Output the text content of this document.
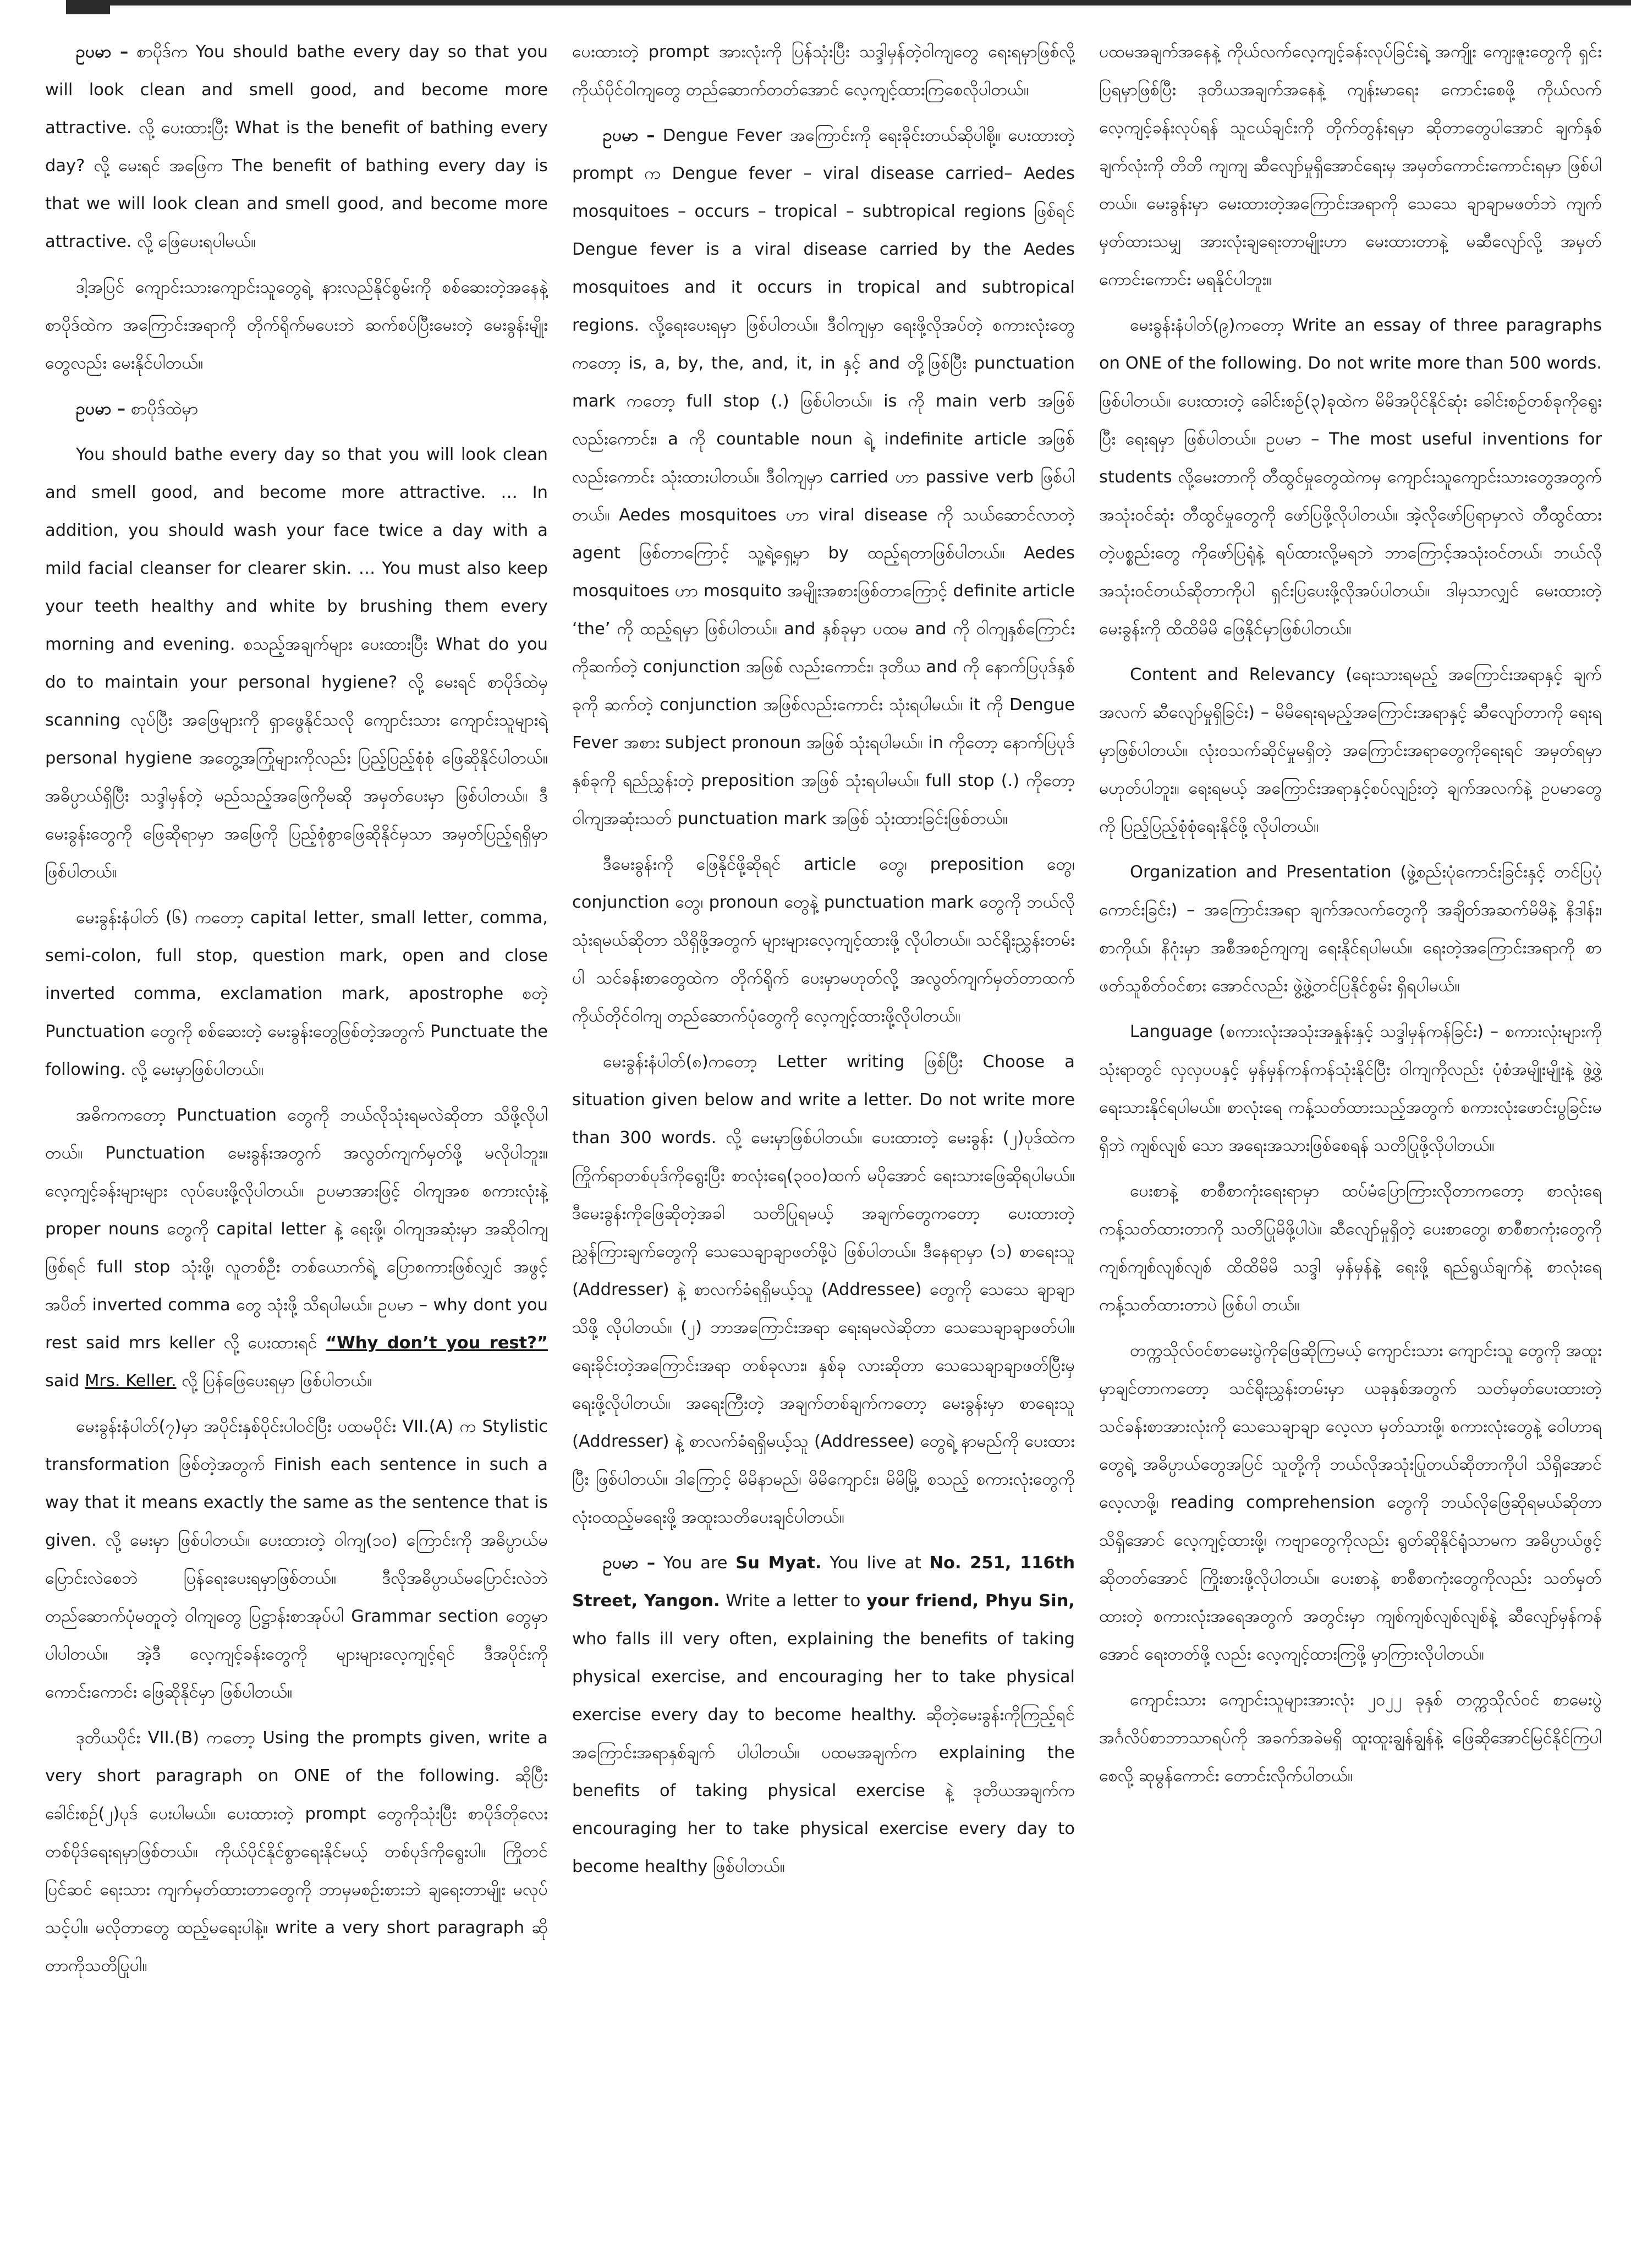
ဥပမာ – စာပိုဒ်က You should bathe every day so that you will look clean and smell good, and become more attractive. လို့ ပေးထားပြီး What is the benefit of bathing every day? လို့ မေးရင် အဖြေက The benefit of bathing every day is that we will look clean and smell good, and become more attractive. လို့ ဖြေပေးရပါမယ်။

ဒါ့အပြင် ကျောင်းသားကျောင်းသူတွေရဲ့ နားလည်နိုင်စွမ်းကို စစ်ဆေးတဲ့အနေနဲ့ စာပိုဒ်ထဲက အကြောင်းအရာကို တိုက်ရိုက်မပေးဘဲ ဆက်စပ်ပြီးမေးတဲ့ မေးခွန်းမျိုးတွေလည်း မေးနိုင်ပါတယ်။

ဥပမာ – စာပိုဒ်ထဲမှာ

You should bathe every day so that you will look clean and smell good, and become more attractive. … In addition, you should wash your face twice a day with a mild facial cleanser for clearer skin. … You must also keep your teeth healthy and white by brushing them every morning and evening. စသည့်အချက်များ ပေးထားပြီး What do you do to maintain your personal hygiene? လို့ မေးရင် စာပိုဒ်ထဲမှ scanning လုပ်ပြီး အဖြေများကို ရှာဖွေနိုင်သလို ကျောင်းသား ကျောင်းသူများရဲ့ personal hygiene အတွေ့အကြုံများကိုလည်း ပြည့်ပြည့်စုံစုံ ဖြေဆိုနိုင်ပါတယ်။ အဓိပ္ပာယ်ရှိပြီး သဒ္ဒါမှန်တဲ့ မည်သည့်အဖြေကိုမဆို အမှတ်ပေးမှာ ဖြစ်ပါတယ်။ ဒီမေးခွန်းတွေကို ဖြေဆိုရာမှာ အဖြေကို ပြည့်စုံစွာဖြေဆိုနိုင်မှသာ အမှတ်ပြည့်ရရှိမှာ ဖြစ်ပါတယ်။

မေးခွန်းနံပါတ် (၆) ကတော့ capital letter, small letter, comma, semi-colon, full stop, question mark, open and close inverted comma, exclamation mark, apostrophe စတဲ့ Punctuation တွေကို စစ်ဆေးတဲ့ မေးခွန်းတွေဖြစ်တဲ့အတွက် Punctuate the following. လို့ မေးမှာဖြစ်ပါတယ်။

အဓိကကတော့ Punctuation တွေကို ဘယ်လိုသုံးရမလဲဆိုတာ သိဖို့လိုပါတယ်။ Punctuation မေးခွန်းအတွက် အလွတ်ကျက်မှတ်ဖို့ မလိုပါဘူး။ လေ့ကျင့်ခန်းများများ လုပ်ပေးဖို့လိုပါတယ်။ ဥပမာအားဖြင့် ဝါကျအစ စကားလုံးနဲ့ proper nouns တွေကို capital letter နဲ့ ရေးဖို့၊ ဝါကျအဆုံးမှာ အဆိုဝါကျဖြစ်ရင် full stop သုံးဖို့၊ လူတစ်ဦး တစ်ယောက်ရဲ့ ပြောစကားဖြစ်လျှင် အဖွင့် အပိတ် inverted comma တွေ သုံးဖို့ သိရပါမယ်။ ဥပမာ – why dont you rest said mrs keller လို့ ပေးထားရင် “Why don’t you rest?” said Mrs. Keller. လို့ ပြန်ဖြေပေးရမှာ ဖြစ်ပါတယ်။

မေးခွန်းနံပါတ်(၇)မှာ အပိုင်းနှစ်ပိုင်းပါဝင်ပြီး ပထမပိုင်း VII.(A) က Stylistic transformation ဖြစ်တဲ့အတွက် Finish each sentence in such a way that it means exactly the same as the sentence that is given. လို့ မေးမှာ ဖြစ်ပါတယ်။ ပေးထားတဲ့ ဝါကျ(၁၀) ကြောင်းကို အဓိပ္ပာယ်မပြောင်းလဲစေဘဲ ပြန်ရေးပေးရမှာဖြစ်တယ်။ ဒီလိုအဓိပ္ပာယ်မပြောင်းလဲဘဲ တည်ဆောက်ပုံမတူတဲ့ ဝါကျတွေ ပြဋ္ဌာန်းစာအုပ်ပါ Grammar section တွေမှာပါပါတယ်။ အဲ့ဒီ လေ့ကျင့်ခန်းတွေကို များများလေ့ကျင့်ရင် ဒီအပိုင်းကို ကောင်းကောင်း ဖြေဆိုနိုင်မှာ ဖြစ်ပါတယ်။

ဒုတိယပိုင်း VII.(B) ကတော့ Using the prompts given, write a very short paragraph on ONE of the following. ဆိုပြီး ခေါင်းစဉ်(၂)ပုဒ် ပေးပါမယ်။ ပေးထားတဲ့ prompt တွေကိုသုံးပြီး စာပိုဒ်တိုလေး တစ်ပိုဒ်ရေးရမှာဖြစ်တယ်။ ကိုယ်ပိုင်နိုင်စွာရေးနိုင်မယ့် တစ်ပုဒ်ကိုရွေးပါ။ ကြိုတင်ပြင်ဆင် ရေးသား ကျက်မှတ်ထားတာတွေကို ဘာမှမစဉ်းစားဘဲ ချရေးတာမျိုး မလုပ်သင့်ပါ။ မလိုတာတွေ ထည့်မရေးပါနဲ့။ write a very short paragraph ဆိုတာကိုသတိပြုပါ။

ပေးထားတဲ့ prompt အားလုံးကို ပြန်သုံးပြီး သဒ္ဒါမှန်တဲ့ဝါကျတွေ ရေးရမှာဖြစ်လို့ ကိုယ်ပိုင်ဝါကျတွေ တည်ဆောက်တတ်အောင် လေ့ကျင့်ထားကြစေလိုပါတယ်။

ဥပမာ – Dengue Fever အကြောင်းကို ရေးခိုင်းတယ်ဆိုပါစို့။ ပေးထားတဲ့ prompt က Dengue fever – viral disease carried– Aedes mosquitoes – occurs – tropical – subtropical regions ဖြစ်ရင် Dengue fever is a viral disease carried by the Aedes mosquitoes and it occurs in tropical and subtropical regions. လို့ရေးပေးရမှာ ဖြစ်ပါတယ်။ ဒီဝါကျမှာ ရေးဖို့လိုအပ်တဲ့ စကားလုံးတွေ ကတော့ is, a, by, the, and, it, in နှင့် and တို့ဖြစ်ပြီး punctuation mark ကတော့ full stop (.) ဖြစ်ပါတယ်။ is ကို main verb အဖြစ် လည်းကောင်း၊ a ကို countable noun ရဲ့ indefinite article အဖြစ်လည်းကောင်း သုံးထားပါတယ်။ ဒီဝါကျမှာ carried ဟာ passive verb ဖြစ်ပါတယ်။ Aedes mosquitoes ဟာ viral disease ကို သယ်ဆောင်လာတဲ့ agent ဖြစ်တာကြောင့် သူ့ရဲ့ရှေ့မှာ by ထည့်ရတာဖြစ်ပါတယ်။ Aedes mosquitoes ဟာ mosquito အမျိုးအစားဖြစ်တာကြောင့် definite article ‘the’ ကို ထည့်ရမှာ ဖြစ်ပါတယ်။ and နှစ်ခုမှာ ပထမ and ကို ဝါကျနှစ်ကြောင်းကိုဆက်တဲ့ conjunction အဖြစ် လည်းကောင်း၊ ဒုတိယ and ကို နောက်ပြပုဒ်နှစ်ခုကို ဆက်တဲ့ conjunction အဖြစ်လည်းကောင်း သုံးရပါမယ်။ it ကို Dengue Fever အစား subject pronoun အဖြစ် သုံးရပါမယ်။ in ကိုတော့ နောက်ပြပုဒ်နှစ်ခုကို ရည်ညွှန်းတဲ့ preposition အဖြစ် သုံးရပါမယ်။ full stop (.) ကိုတော့ ဝါကျအဆုံးသတ် punctuation mark အဖြစ် သုံးထားခြင်းဖြစ်တယ်။

ဒီမေးခွန်းကို ဖြေနိုင်ဖို့ဆိုရင် article တွေ၊ preposition တွေ၊ conjunction တွေ၊ pronoun တွေနဲ့ punctuation mark တွေကို ဘယ်လိုသုံးရမယ်ဆိုတာ သိရှိဖို့အတွက် များများလေ့ကျင့်ထားဖို့ လိုပါတယ်။ သင်ရိုးညွှန်းတမ်းပါ သင်ခန်းစာတွေထဲက တိုက်ရိုက် ပေးမှာမဟုတ်လို့ အလွတ်ကျက်မှတ်တာထက် ကိုယ်တိုင်ဝါကျ တည်ဆောက်ပုံတွေကို လေ့ကျင့်ထားဖို့လိုပါတယ်။

မေးခွန်းနံပါတ်(၈)ကတော့ Letter writing ဖြစ်ပြီး Choose a situation given below and write a letter. Do not write more than 300 words. လို့ မေးမှာဖြစ်ပါတယ်။ ပေးထားတဲ့ မေးခွန်း (၂)ပုဒ်ထဲက ကြိုက်ရာတစ်ပုဒ်ကိုရွေးပြီး စာလုံးရေ(၃၀၀)ထက် မပိုအောင် ရေးသားဖြေဆိုရပါမယ်။ ဒီမေးခွန်းကိုဖြေဆိုတဲ့အခါ သတိပြုရမယ့် အချက်တွေကတော့ ပေးထားတဲ့ ညွှန်ကြားချက်တွေကို သေသေချာချာဖတ်ဖို့ပဲ ဖြစ်ပါတယ်။ ဒီနေရာမှာ (၁) စာရေးသူ (Addresser) နဲ့ စာလက်ခံရရှိမယ့်သူ (Addressee) တွေကို သေသေ ချာချာသိဖို့ လိုပါတယ်။ (၂) ဘာအကြောင်းအရာ ရေးရမလဲဆိုတာ သေသေချာချာဖတ်ပါ။ ရေးခိုင်းတဲ့အကြောင်းအရာ တစ်ခုလား၊ နှစ်ခု လားဆိုတာ သေသေချာချာဖတ်ပြီးမှ ရေးဖို့လိုပါတယ်။ အရေးကြီးတဲ့ အချက်တစ်ချက်ကတော့ မေးခွန်းမှာ စာရေးသူ (Addresser) နဲ့ စာလက်ခံရရှိမယ့်သူ (Addressee) တွေရဲ့ နာမည်ကို ပေးထားပြီး ဖြစ်ပါတယ်။ ဒါကြောင့် မိမိနာမည်၊ မိမိကျောင်း၊ မိမိမြို့ စသည့် စကားလုံးတွေကို လုံးဝထည့်မရေးဖို့ အထူးသတိပေးချင်ပါတယ်။

ဥပမာ – You are Su Myat. You live at No. 251, 116th Street, Yangon. Write a letter to your friend, Phyu Sin, who falls ill very often, explaining the benefits of taking physical exercise, and encouraging her to take physical exercise every day to become healthy. ဆိုတဲ့မေးခွန်းကိုကြည့်ရင် အကြောင်းအရာနှစ်ချက် ပါပါတယ်။ ပထမအချက်က explaining the benefits of taking physical exercise နဲ့ ဒုတိယအချက်က encouraging her to take physical exercise every day to become healthy ဖြစ်ပါတယ်။

ပထမအချက်အနေနဲ့ ကိုယ်လက်လေ့ကျင့်ခန်းလုပ်ခြင်းရဲ့ အကျိုး ကျေးဇူးတွေကို ရှင်းပြရမှာဖြစ်ပြီး ဒုတိယအချက်အနေနဲ့ ကျန်းမာရေး ကောင်းစေဖို့ ကိုယ်လက်လေ့ကျင့်ခန်းလုပ်ရန် သူငယ်ချင်းကို တိုက်တွန်းရမှာ ဆိုတာတွေပါအောင် ချက်နှစ်ချက်လုံးကို တိတိ ကျကျ ဆီလျော်မှုရှိအောင်ရေးမှ အမှတ်ကောင်းကောင်းရမှာ ဖြစ်ပါတယ်။ မေးခွန်းမှာ မေးထားတဲ့အကြောင်းအရာကို သေသေ ချာချာမဖတ်ဘဲ ကျက်မှတ်ထားသမျှ အားလုံးချရေးတာမျိုးဟာ မေးထားတာနဲ့ မဆီလျော်လို့ အမှတ်ကောင်းကောင်း မရနိုင်ပါဘူး။

မေးခွန်းနံပါတ်(၉)ကတော့ Write an essay of three paragraphs on ONE of the following. Do not write more than 500 words. ဖြစ်ပါတယ်။ ပေးထားတဲ့ ခေါင်းစဉ်(၃)ခုထဲက မိမိအပိုင်နိုင်ဆုံး ခေါင်းစဉ်တစ်ခုကိုရွေးပြီး ရေးရမှာ ဖြစ်ပါတယ်။ ဥပမာ – The most useful inventions for students လို့မေးတာကို တီထွင်မှုတွေထဲကမှ ကျောင်းသူကျောင်းသားတွေအတွက် အသုံးဝင်ဆုံး တီထွင်မှုတွေကို ဖော်ပြဖို့လိုပါတယ်။ အဲ့လိုဖော်ပြရာမှာလဲ တီထွင်ထားတဲ့ပစ္စည်းတွေ ကိုဖော်ပြရုံနဲ့ ရပ်ထားလို့မရဘဲ ဘာကြောင့်အသုံးဝင်တယ်၊ ဘယ်လို အသုံးဝင်တယ်ဆိုတာကိုပါ ရှင်းပြပေးဖို့လိုအပ်ပါတယ်။ ဒါမှသာလျှင် မေးထားတဲ့မေးခွန်းကို ထိထိမိမိ ဖြေနိုင်မှာဖြစ်ပါတယ်။

Content and Relevancy (ရေးသားရမည့် အကြောင်းအရာနှင့် ချက်အလက် ဆီလျော်မှုရှိခြင်း) – မိမိရေးရမည့်အကြောင်းအရာနှင့် ဆီလျော်တာကို ရေးရမှာဖြစ်ပါတယ်။ လုံးဝသက်ဆိုင်မှုမရှိတဲ့ အကြောင်းအရာတွေကိုရေးရင် အမှတ်ရမှာ မဟုတ်ပါဘူး။ ရေးရမယ့် အကြောင်းအရာနှင့်စပ်လျဉ်းတဲ့ ချက်အလက်နဲ့ ဥပမာတွေကို ပြည့်ပြည့်စုံစုံရေးနိုင်ဖို့ လိုပါတယ်။

Organization and Presentation (ဖွဲ့စည်းပုံကောင်းခြင်းနှင့် တင်ပြပုံကောင်းခြင်း) – အကြောင်းအရာ ချက်အလက်တွေကို အချိတ်အဆက်မိမိနဲ့ နိဒါန်း၊ စာကိုယ်၊ နိဂုံးမှာ အစီအစဉ်ကျကျ ရေးနိုင်ရပါမယ်။ ရေးတဲ့အကြောင်းအရာကို စာဖတ်သူစိတ်ဝင်စား အောင်လည်း ဖွဲ့ဖွဲ့တင်ပြနိုင်စွမ်း ရှိရပါမယ်။

Language (စကားလုံးအသုံးအနှုန်းနှင့် သဒ္ဒါမှန်ကန်ခြင်း) – စကားလုံးများကိုသုံးရာတွင် လှလှပပနှင့် မှန်မှန်ကန်ကန်သုံးနိုင်ပြီး ဝါကျကိုလည်း ပုံစံအမျိုးမျိုးနဲ့ ဖွဲ့ဖွဲ့ရေးသားနိုင်ရပါမယ်။ စာလုံးရေ ကန့်သတ်ထားသည့်အတွက် စကားလုံးဖောင်းပွခြင်းမရှိဘဲ ကျစ်လျစ် သော အရေးအသားဖြစ်စေရန် သတိပြုဖို့လိုပါတယ်။

ပေးစာနဲ့ စာစီစာကုံးရေးရာမှာ ထပ်မံပြောကြားလိုတာကတော့ စာလုံးရေကန့်သတ်ထားတာကို သတိပြုမိဖို့ပါပဲ။ ဆီလျော်မှုရှိတဲ့ ပေးစာတွေ၊ စာစီစာကုံးတွေကို ကျစ်ကျစ်လျစ်လျစ် ထိထိမိမိ သဒ္ဒါ မှန်မှန်နဲ့ ရေးဖို့ ရည်ရွယ်ချက်နဲ့ စာလုံးရေကန့်သတ်ထားတာပဲ ဖြစ်ပါ တယ်။

တက္ကသိုလ်ဝင်စာမေးပွဲကိုဖြေဆိုကြမယ့် ကျောင်းသား ကျောင်းသူ တွေကို အထူးမှာချင်တာကတော့ သင်ရိုးညွှန်းတမ်းမှာ ယခုနှစ်အတွက် သတ်မှတ်ပေးထားတဲ့ သင်ခန်းစာအားလုံးကို သေသေချာချာ လေ့လာ မှတ်သားဖို့၊ စကားလုံးတွေနဲ့ ဝေါဟာရတွေရဲ့ အဓိပ္ပာယ်တွေအပြင် သူတို့ကို ဘယ်လိုအသုံးပြုတယ်ဆိုတာကိုပါ သိရှိအောင် လေ့လာဖို့၊ reading comprehension တွေကို ဘယ်လိုဖြေဆိုရမယ်ဆိုတာ သိရှိအောင် လေ့ကျင့်ထားဖို့၊ ကဗျာတွေကိုလည်း ရွတ်ဆိုနိုင်ရုံသာမက အဓိပ္ပာယ်ဖွင့်ဆိုတတ်အောင် ကြိုးစားဖို့လိုပါတယ်။ ပေးစာနဲ့ စာစီစာကုံးတွေကိုလည်း သတ်မှတ်ထားတဲ့ စကားလုံးအရေအတွက် အတွင်းမှာ ကျစ်ကျစ်လျစ်လျစ်နဲ့ ဆီလျော်မှန်ကန်အောင် ရေးတတ်ဖို့ လည်း လေ့ကျင့်ထားကြဖို့ မှာကြားလိုပါတယ်။

ကျောင်းသား ကျောင်းသူများအားလုံး ၂၀၂၂ ခုနှစ် တက္ကသိုလ်ဝင် စာမေးပွဲ အင်္ဂလိပ်စာဘာသာရပ်ကို အခက်အခဲမရှိ ထူးထူးချွန်ချွန်နဲ့ ဖြေဆိုအောင်မြင်နိုင်ကြပါစေလို့ ဆုမွန်ကောင်း တောင်းလိုက်ပါတယ်။
